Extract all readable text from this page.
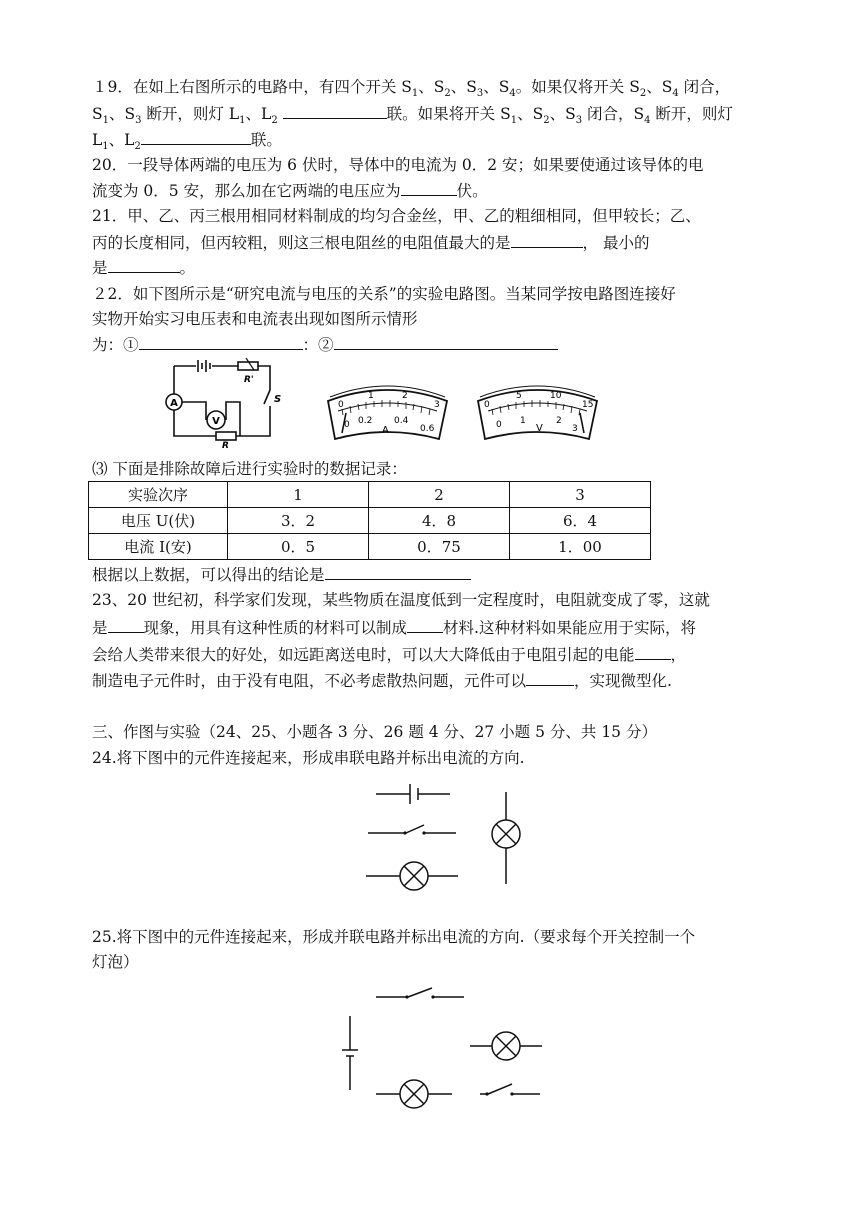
１9．在如上右图所示的电路中，有四个开关 $S_1$、$S_2$、$S_3$、$S_4$。如果仅将开关 $S_2$、$S_4$ 闭合，
$S_1$、$S_3$ 断开，则灯 $L_1$、$L_2$	联。如果将开关 $S_1$、$S_2$、$S_3$ 闭合，$S_4$ 断开，则灯
$L_1$、$L_2$	联。
20．一段导体两端的电压为 6 伏时，导体中的电流为 0．2 安；如果要使通过该导体的电
流变为 0．5 安，那么加在它两端的电压应为	伏。
21．甲、乙、丙三根用相同材料制成的均匀合金丝，甲、乙的粗细相同，但甲较长；乙、
丙的长度相同，但丙较粗，则这三根电阻丝的电阻值最大的是	， 最小的
是	。
２2．如下图所示是“研究电流与电压的关系”的实验电路图。当某同学按电路图连接好
实物开始实习电压表和电流表出现如图所示情形
为：①	：②
A
V
R'
R
S	0
1	2
3
0 0.2 0.4
0.6
A
0
5	10
15
0 1	2
3
V
⑶ 下面是排除故障后进行实验时的数据记录：
实验次序	1	2	3
电压 U(伏)	3．2	4．8	6．4
电流 I(安)	0．5	0．75	1．00
根据以上数据，可以得出的结论是
23、20 世纪初，科学家们发现，某些物质在温度低到一定程度时，电阻就变成了零，这就
是 现象，用具有这种性质的材料可以制成 材料.这种材料如果能应用于实际，将
会给人类带来很大的好处，如远距离送电时，可以大大降低由于电阻引起的电能 ，
制造电子元件时，由于没有电阻，不必考虑散热问题，元件可以	，实现微型化.
三、作图与实验（24、25、小题各 3 分、26 题 4 分、27 小题 5 分、共 15 分）
24.将下图中的元件连接起来，形成串联电路并标出电流的方向.
25.将下图中的元件连接起来，形成并联电路并标出电流的方向.（要求每个开关控制一个
灯泡）
